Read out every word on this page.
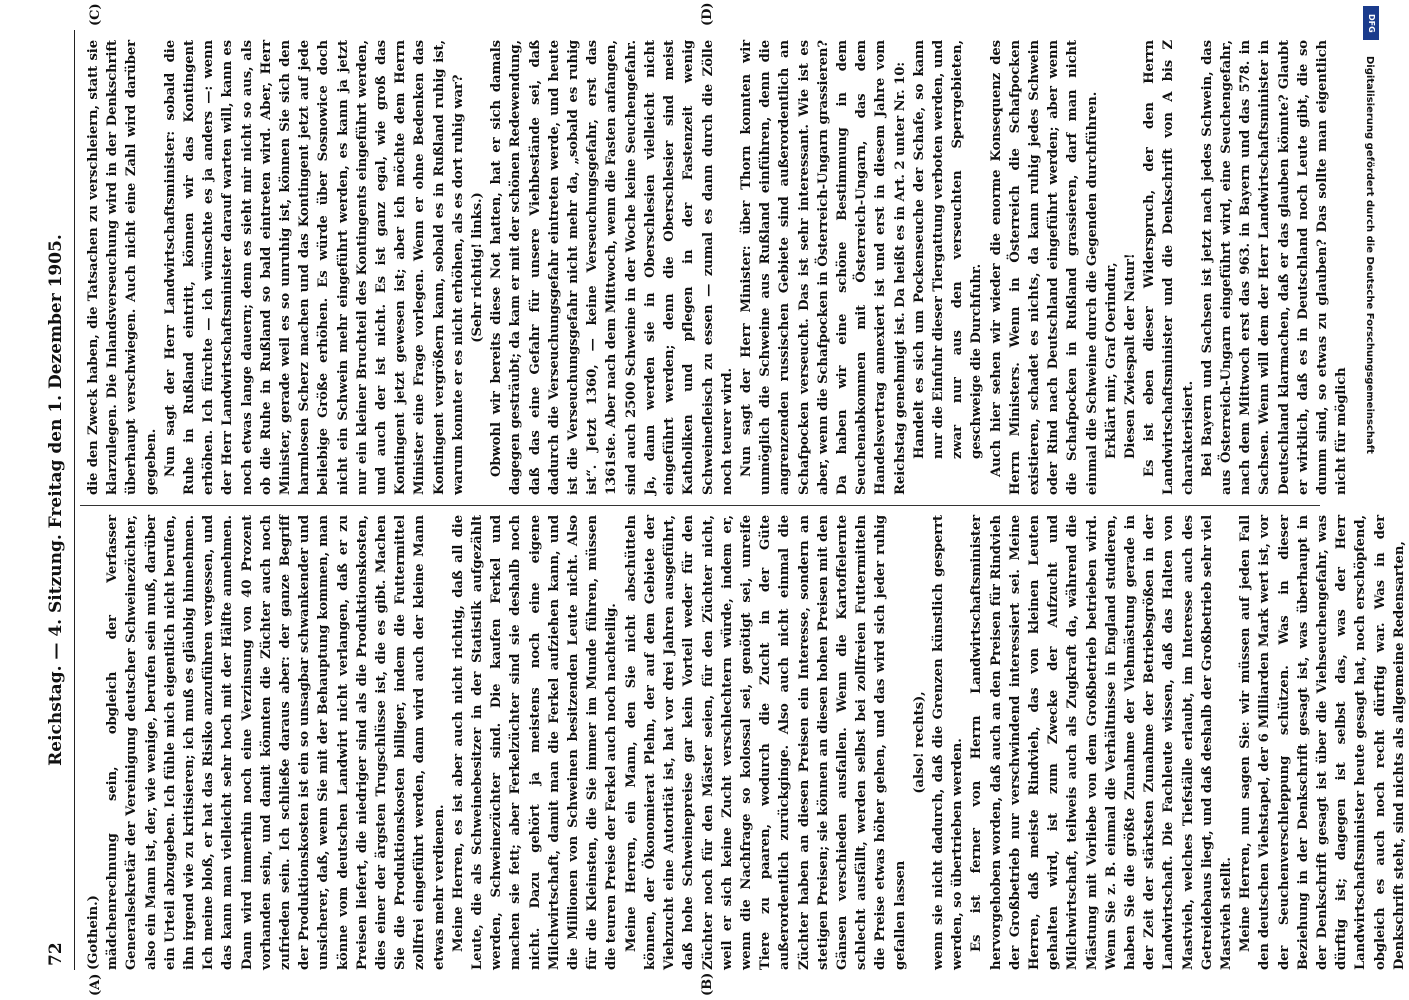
72
Reichstag. — 4. Sitzung. Freitag den 1. Dezember 1905.

(Gothein.) mädchenrechnung sein, obgleich der Verfasser Generalsekretär der Vereinigung deutscher Schweinezüchter, also ein Mann ist, der, wie wenige, berufen sein muß, darüber ein Urteil abzugeben. Ich fühle mich eigentlich nicht berufen, ihn irgend wie zu kritisieren; ich muß es gläubig hinnehmen. Ich meine bloß, er hat das Risiko anzuführen vergessen, und das kann man vielleicht sehr hoch mit der Hälfte annehmen. Dann wird immerhin noch eine Verzinsung von 40 Prozent vorhanden sein, und damit könnten die Züchter auch noch zufrieden sein. Ich schließe daraus aber: der ganze Begriff der Produktionskosten ist ein so unsagbar schwankender und unsicherer, daß, wenn Sie mit der Behauptung kommen, man könne vom deutschen Landwirt nicht verlangen, daß er zu Preisen liefert, die niedriger sind als die Produktionskosten, dies einer der ärgsten Trugschlüsse ist, die es gibt. Machen Sie die Produktionskosten billiger, indem die Futtermittel zollfrei eingeführt werden, dann wird auch der kleine Mann etwas mehr verdienen. Meine Herren, es ist aber auch nicht richtig, daß all die Leute, die als Schweinebesitzer in der Statistik aufgezählt werden, Schweinezüchter sind. Die kaufen Ferkel und machen sie fett; aber Ferkelzüchter sind sie deshalb noch nicht. Dazu gehört ja meistens noch eine eigene Milchwirtschaft, damit man die Ferkel aufziehen kann, und die Millionen von Schweinen besitzenden Leute nicht. Also für die Kleinsten, die Sie immer im Munde führen, müssen die teuren Preise der Ferkel auch noch nachteilig. Meine Herren, ein Mann, den Sie nicht abschütteln können, der Ökonomierat Plehn, der auf dem Gebiete der Viehzucht eine Autorität ist, hat vor drei Jahren ausgeführt, daß hohe Schweinepreise gar kein Vorteil weder für den Züchter noch für den Mäster seien, für den Züchter nicht, weil er sich keine Zucht verschlechtern würde, indem er, wenn die Nachfrage so kolossal sei, genötigt sei, unreife Tiere zu paaren, wodurch die Zucht in der Güte außerordentlich zurückginge. Also auch nicht einmal die Züchter haben an diesen Preisen ein Interesse, sondern an stetigen Preisen; sie können an diesen hohen Preisen mit den Gänsen verschieden ausfallen. Wenn die Kartoffelernte schlecht ausfällt, werden selbst bei zollfreien Futtermitteln die Preise etwas höher gehen, und das wird sich jeder ruhig gefallen lassen

(also! rechts), wenn sie nicht dadurch, daß die Grenzen künstlich gesperrt werden, so übertrieben werden. Es ist ferner von Herrn Landwirtschaftsminister hervorgehoben worden, daß auch an den Preisen für Rindvieh der Großbetrieb nur verschwindend interessiert sei. Meine Herren, daß meiste Rindvieh, das von kleinen Leuten gehalten wird, ist zum Zwecke der Aufzucht und Milchwirtschaft, teilweis auch als Zugkraft da, während die Mästung mit Vorliebe von dem Großbetrieb betrieben wird. Wenn Sie z. B. einmal die Verhältnisse in England studieren, haben Sie die größte Zunahme der Viehmästung gerade in der Zeit der stärksten Zunahme der Betriebsgrößen in der Landwirtschaft. Die Fachleute wissen, daß das Halten von Mastvieh, welches Tiefställe erlaubt, im Interesse auch des Getreidebaus liegt, und daß deshalb der Großbetrieb sehr viel Mastvieh stellt. Meine Herren, nun sagen Sie: wir müssen auf jeden Fall den deutschen Viehstapel, der 6 Milliarden Mark wert ist, vor der Seuchenverschleppung schützen. Was in dieser Beziehung in der Denkschrift gesagt ist, was überhaupt in der Denkschrift gesagt ist über die Viehseuchengefahr, was dürftig ist; dagegen ist selbst das, was der Herr Landwirtschaftsminister heute gesagt hat, noch erschöpfend, obgleich es auch noch recht dürftig war. Was in der Denkschrift steht, sind nichts als allgemeine Redensarten,

die den Zweck haben, die Tatsachen zu verschleiern, statt sie klarzulegen. Die Inlandsverseuchung wird in der Denkschrift überhaupt verschwiegen. Auch nicht eine Zahl wird darüber gegeben. Nun sagt der Herr Landwirtschaftsminister: sobald die Ruhe in Rußland eintritt, können wir das Kontingent erhöhen. Ich fürchte — ich wünschte es ja anders —: wenn der Herr Landwirtschaftsminister darauf warten will, kann es noch etwas lange dauern; denn es sieht mir nicht so aus, als ob die Ruhe in Rußland so bald eintreten wird. Aber, Herr Minister, gerade weil es so unruhig ist, können Sie sich den harmlosen Scherz machen und das Kontingent jetzt auf jede beliebige Größe erhöhen. Es würde über Sosnowice doch nicht ein Schwein mehr eingeführt werden, es kann ja jetzt nur ein kleiner Bruchteil des Kontingents eingeführt werden, und auch der ist nicht. Es ist ganz egal, wie groß das Kontingent jetzt gewesen ist; aber ich möchte dem Herrn Minister eine Frage vorlegen. Wenn er ohne Bedenken das Kontingent vergrößern kann, sobald es in Rußland ruhig ist, warum konnte er es nicht erhöhen, als es dort ruhig war? (Sehr richtig! links.) Obwohl wir bereits diese Not hatten, hat er sich damals dagegen gesträubt; da kam er mit der schönen Redewendung, daß das eine Gefahr für unsere Viehbestände sei, daß dadurch die Verseuchungsgefahr eintreten werde, und heute ist die Verseuchungsgefahr nicht mehr da, „sobald es ruhig ist“. Jetzt 1360, — keine Verseuchungsgefahr, erst das 1361ste. Aber nach dem Mittwoch, wenn die Fasten anfangen, sind auch 2500 Schweine in der Woche keine Seuchengefahr. Ja, dann werden sie in Oberschlesien vielleicht nicht eingeführt werden; denn die Oberschlesier sind meist Katholiken und pflegen in der Fastenzeit wenig Schweinefleisch zu essen — zumal es dann durch die Zölle noch teurer wird. Nun sagt der Herr Minister: über Thorn konnten wir unmöglich die Schweine aus Rußland einführen, denn die angrenzenden russischen Gebiete sind außerordentlich an Schafpocken verseucht. Das ist sehr interessant. Wie ist es aber, wenn die Schafpocken in Österreich-Ungarn grassieren? Da haben wir eine schöne Bestimmung in dem Seuchenabkommen mit Österreich-Ungarn, das dem Handelsvertrag annexiert ist und erst in diesem Jahre vom Reichstag genehmigt ist. Da heißt es in Art. 2 unter Nr. 10: Handelt es sich um Pockenseuche der Schafe, so kann nur die Einfuhr dieser Tiergattung verboten werden, und zwar nur aus den verseuchten Sperrgebieten, geschweige die Durchfuhr. Auch hier sehen wir wieder die enorme Konsequenz des Herrn Ministers. Wenn in Österreich die Schafpocken existieren, schadet es nichts, da kann ruhig jedes Schwein oder Rind nach Deutschland eingeführt werden; aber wenn die Schafpocken in Rußland grassieren, darf man nicht einmal die Schweine durch die Gegenden durchführen. Erklärt mir, Graf Oerindur, Diesen Zwiespalt der Natur! Es ist eben dieser Widerspruch, der den Herrn Landwirtschaftsminister und die Denkschrift von A bis Z charakterisiert. Bei Bayern und Sachsen ist jetzt nach jedes Schwein, das aus Österreich-Ungarn eingeführt wird, eine Seuchengefahr, nach dem Mittwoch erst das 963. in Bayern und das 578. in Sachsen. Wenn will dem der Herr Landwirtschaftsminister in Deutschland klarmachen, daß er das glauben könnte? Glaubt er wirklich, daß es in Deutschland noch Leute gibt, die so dumm sind, so etwas zu glauben? Das sollte man eigentlich nicht für möglich

(A)	(B)
(C)	(D)
Digitalisierung gefördert durch die Deutsche Forschungsgemeinschaft
DFG
